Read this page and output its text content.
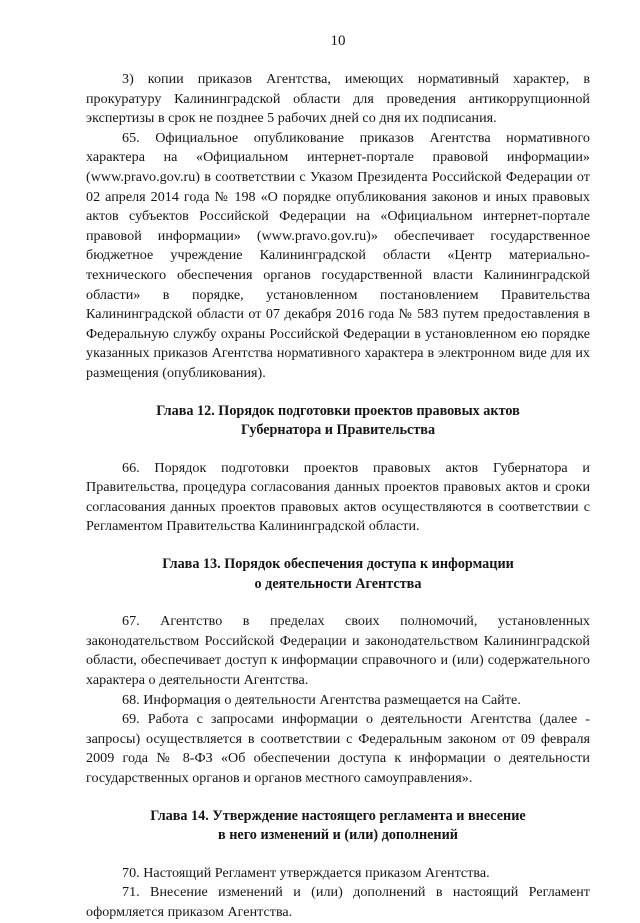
10

3) копии приказов Агентства, имеющих нормативный характер, в прокуратуру Калининградской области для проведения антикоррупционной экспертизы в срок не позднее 5 рабочих дней со дня их подписания.

65. Официальное опубликование приказов Агентства нормативного характера на «Официальном интернет-портале правовой информации» (www.pravo.gov.ru) в соответствии с Указом Президента Российской Федерации от 02 апреля 2014 года № 198 «О порядке опубликования законов и иных правовых актов субъектов Российской Федерации на «Официальном интернет-портале правовой информации» (www.pravo.gov.ru)» обеспечивает государственное бюджетное учреждение Калининградской области «Центр материально-технического обеспечения органов государственной власти Калининградской области» в порядке, установленном постановлением Правительства Калининградской области от 07 декабря 2016 года № 583 путем предоставления в Федеральную службу охраны Российской Федерации в установленном ею порядке указанных приказов Агентства нормативного характера в электронном виде для их размещения (опубликования).

Глава 12. Порядок подготовки проектов правовых актов
Губернатора и Правительства

66. Порядок подготовки проектов правовых актов Губернатора и Правительства, процедура согласования данных проектов правовых актов и сроки согласования данных проектов правовых актов осуществляются в соответствии с Регламентом Правительства Калининградской области.

Глава 13. Порядок обеспечения доступа к информации
о деятельности Агентства

67. Агентство в пределах своих полномочий, установленных законодательством Российской Федерации и законодательством Калининградской области, обеспечивает доступ к информации справочного и (или) содержательного характера о деятельности Агентства.

68. Информация о деятельности Агентства размещается на Сайте.

69. Работа с запросами информации о деятельности Агентства (далее - запросы) осуществляется в соответствии с Федеральным законом от 09 февраля 2009 года № 8-ФЗ «Об обеспечении доступа к информации о деятельности государственных органов и органов местного самоуправления».

Глава 14. Утверждение настоящего регламента и внесение
в него изменений и (или) дополнений

70. Настоящий Регламент утверждается приказом Агентства.

71. Внесение изменений и (или) дополнений в настоящий Регламент оформляется приказом Агентства.
